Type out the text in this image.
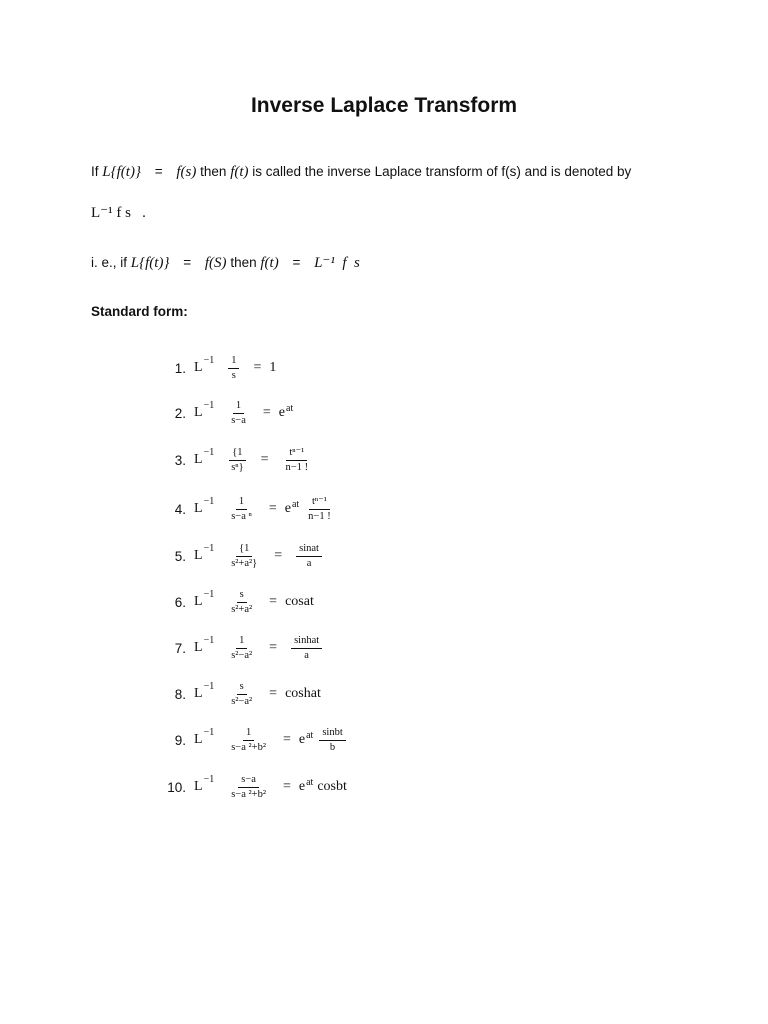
Inverse Laplace Transform
If L{f(t)} = f(s) then f(t) is called the inverse Laplace transform of f(s) and is denoted by
L⁻¹ f s   .
i. e., if L{f(t)} = f(S) then f(t) = L⁻¹  f  s
Standard form:
1. $L -1 \frac{1}{s} = 1$
2. $L -1 \frac{1}{s-a} = e$ at
3. $L -1 \frac{\{1}{\text{sⁿ\}}} = \frac{\text{tⁿ⁻¹}}{n-1 !}$
4. $L -1 \frac{1}{\text{s−a ⁿ}} = e$ at $\frac{\text{tⁿ⁻¹}}{n-1 !}$
5. $L -1 \frac{\{1}{\text{s²+a²\}}} = \frac{\text{sinat}}{a}$
6. $L -1 \frac{s}{\text{s²+a²}}$ = cosat
7. $L -1 \frac{1}{\text{s²−a²}} = \frac{\text{sinhat}}{a}$
8. $L -1 \frac{s}{\text{s²−a²}}$ = coshat
9. $L -1 \frac{1}{\text{s−a ²+b²}} = e$ at $\frac{\text{sinbt}}{b}$
10. $L -1 \frac{s-a}{\text{s−a ²+b²}} = e$ at cosbt
